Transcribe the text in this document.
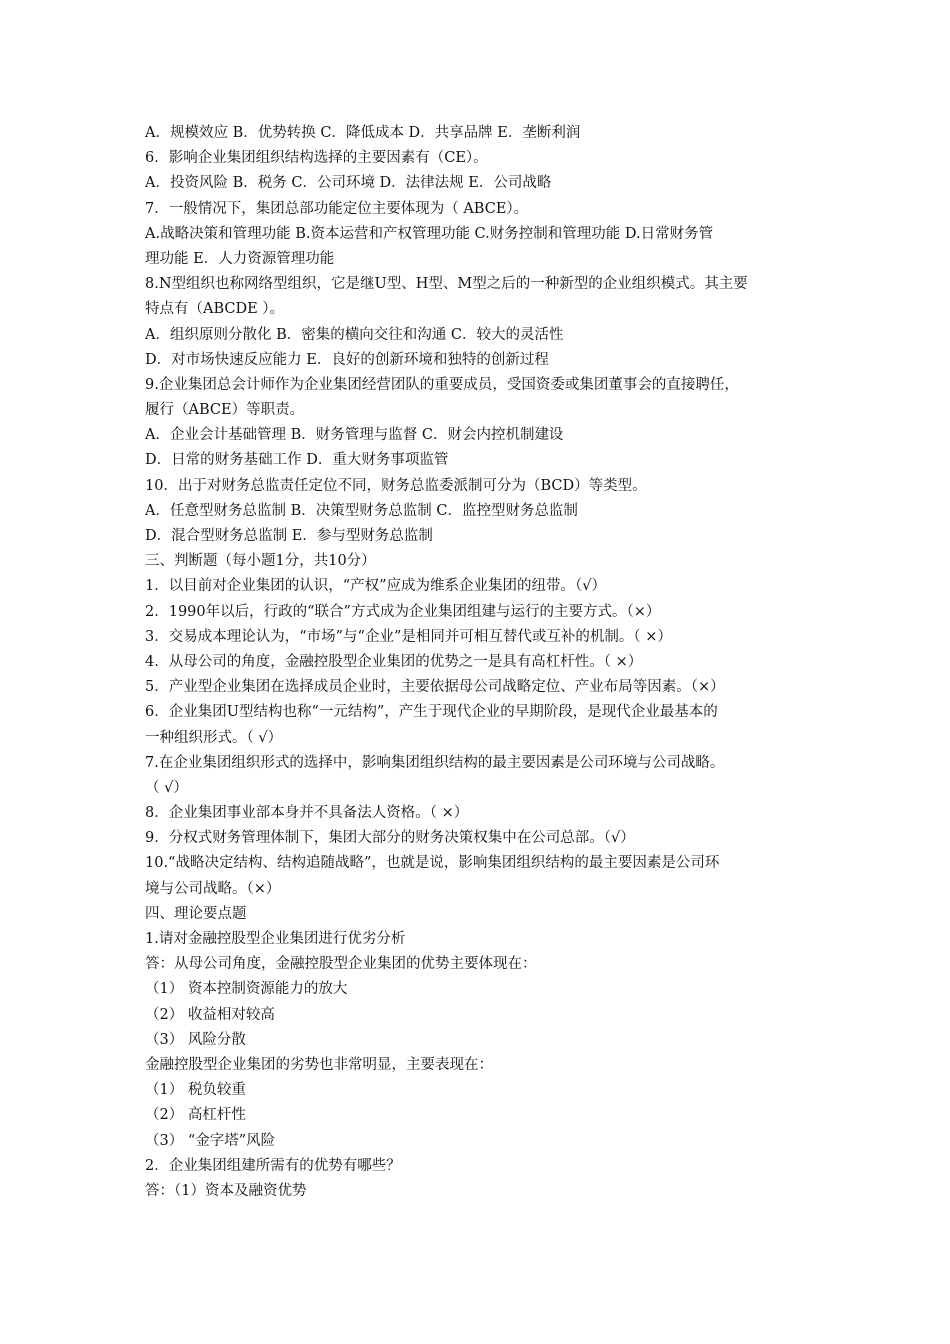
A．规模效应 B．优势转换 C．降低成本 D．共享品牌 E．垄断利润
6．影响企业集团组织结构选择的主要因素有（CE）。
A．投资风险 B．税务 C．公司环境 D．法律法规 E．公司战略
7．一般情况下，集团总部功能定位主要体现为（ ABCE）。
A.战略决策和管理功能 B.资本运营和产权管理功能 C.财务控制和管理功能 D.日常财务管
理功能 E．人力资源管理功能
8.N型组织也称网络型组织，它是继U型、H型、M型之后的一种新型的企业组织模式。其主要
特点有（ABCDE ）。
A．组织原则分散化 B．密集的横向交往和沟通 C．较大的灵活性
D．对市场快速反应能力 E．良好的创新环境和独特的创新过程
9.企业集团总会计师作为企业集团经营团队的重要成员，受国资委或集团董事会的直接聘任，
履行（ABCE）等职责。
A．企业会计基础管理 B．财务管理与监督 C．财会内控机制建设
D．日常的财务基础工作 D．重大财务事项监管
10．出于对财务总监责任定位不同，财务总监委派制可分为（BCD）等类型。
A．任意型财务总监制 B．决策型财务总监制 C．监控型财务总监制
D．混合型财务总监制 E．参与型财务总监制
三、判断题（每小题1分，共10分）
1．以目前对企业集团的认识，“产权”应成为维系企业集团的纽带。（√）
2．1990年以后，行政的“联合”方式成为企业集团组建与运行的主要方式。（×）
3．交易成本理论认为，“市场”与“企业”是相同并可相互替代或互补的机制。（ ×）
4．从母公司的角度，金融控股型企业集团的优势之一是具有高杠杆性。（ ×）
5．产业型企业集团在选择成员企业时，主要依据母公司战略定位、产业布局等因素。（×）
6．企业集团U型结构也称“一元结构”，产生于现代企业的早期阶段，是现代企业最基本的
一种组织形式。（ √）
7.在企业集团组织形式的选择中，影响集团组织结构的最主要因素是公司环境与公司战略。
（ √）
8．企业集团事业部本身并不具备法人资格。（ ×）
9．分权式财务管理体制下，集团大部分的财务决策权集中在公司总部。（√）
10.“战略决定结构、结构追随战略”，也就是说，影响集团组织结构的最主要因素是公司环
境与公司战略。（×）
四、理论要点题
1.请对金融控股型企业集团进行优劣分析
答：从母公司角度，金融控股型企业集团的优势主要体现在：
（1） 资本控制资源能力的放大
（2） 收益相对较高
（3） 风险分散
金融控股型企业集团的劣势也非常明显，主要表现在：
（1） 税负较重
（2） 高杠杆性
（3） “金字塔”风险
2．企业集团组建所需有的优势有哪些？
答：（1）资本及融资优势
